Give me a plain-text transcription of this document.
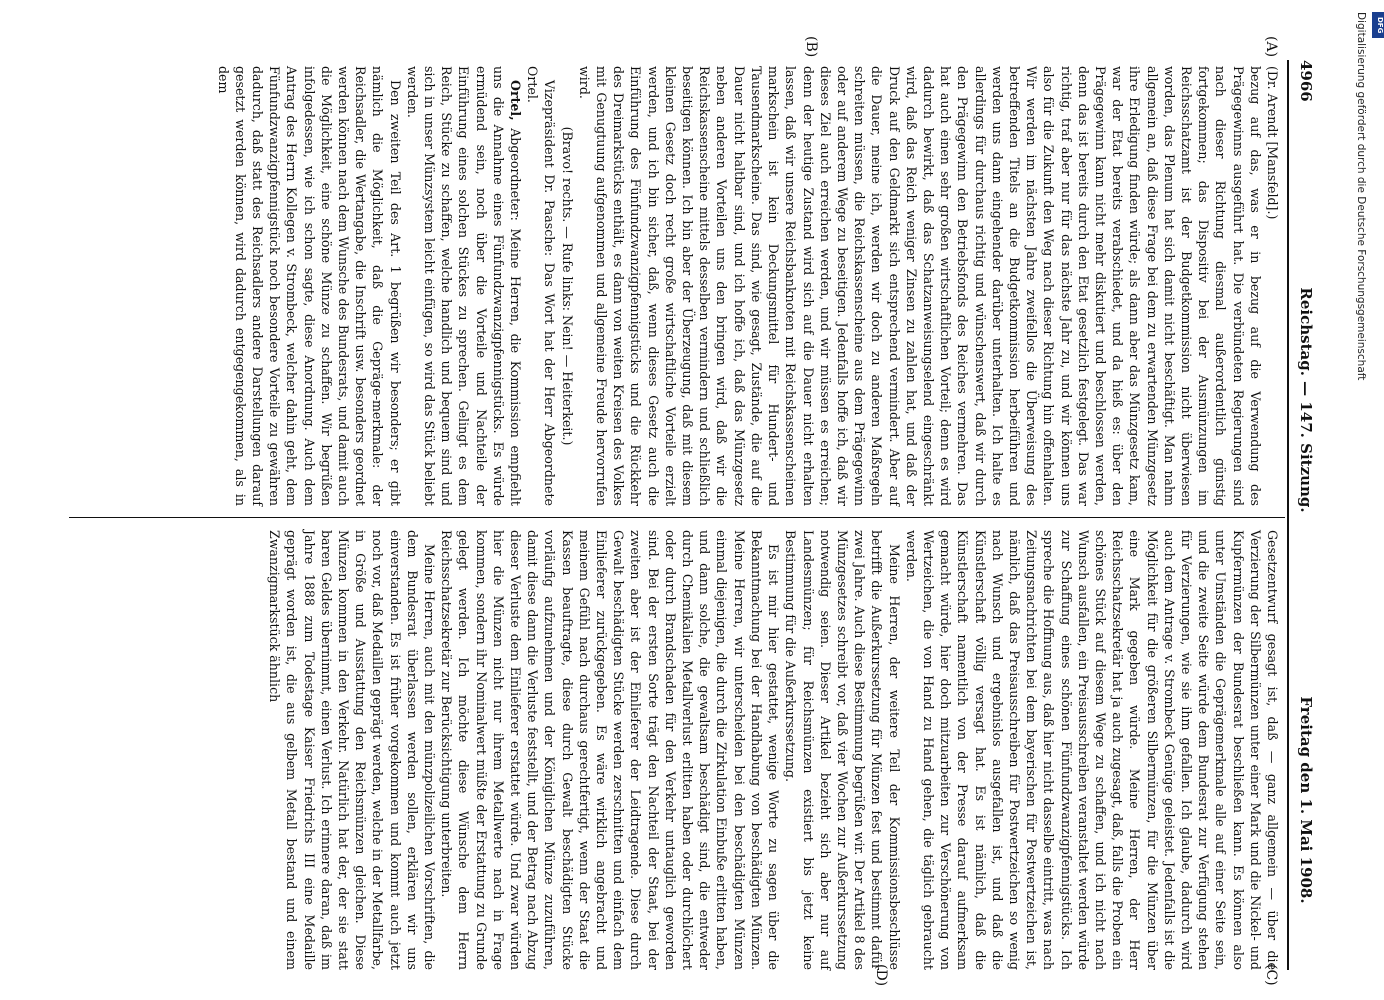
4966
Reichstag. — 147. Sitzung.
Freitag den 1. Mai 1908.
(A)
(B)
(C)
(D)

(Dr. Arendt [Mansfeld].)

bezug auf das, was er in bezug auf die Verwendung des Prägegewinns ausgeführt hat. Die verbündeten Regierungen sind nach dieser Richtung diesmal außerordentlich günstig fortgekommen; das Dispositiv bei der Ausmünzungen im Reichsschatzamt ist der Budgetkommission nicht überwiesen worden, das Plenum hat sich damit nicht beschäftigt. Man nahm allgemein an, daß diese Frage bei dem zu erwartenden Münzgesetz ihre Erledigung finden würde; als dann aber das Münzgesetz kam, war der Etat bereits verabschiedet, und da hieß es: über den Prägegewinn kann nicht mehr diskutiert und beschlossen werden, denn das ist bereits durch den Etat gesetzlich festgelegt. Das war richtig, traf aber nur für das nächste Jahr zu, und wir können uns also für die Zukunft den Weg nach dieser Richtung hin offenhalten. Wir werden im nächsten Jahre zweifellos die Überweisung des betreffenden Titels an die Budgetkommission herbeiführen und werden uns dann eingehender darüber unterhalten. Ich halte es allerdings für durchaus richtig und wünschenswert, daß wir durch den Prägegewinn den Betriebsfonds des Reiches vermehren. Das hat auch einen sehr großen wirtschaftlichen Vorteil; denn es wird dadurch bewirkt, daß das Schatzanweisungselend eingeschränkt wird, daß das Reich weniger Zinsen zu zahlen hat, und daß der Druck auf den Geldmarkt sich entsprechend vermindert. Aber auf die Dauer, meine ich, werden wir doch zu anderen Maßregeln schreiten müssen, die Reichskassenscheine aus dem Prägegewinn oder auf anderem Wege zu beseitigen. Jedenfalls hoffe ich, daß wir dieses Ziel auch erreichen werden, und wir müssen es erreichen; denn der heutige Zustand wird sich auf die Dauer nicht erhalten lassen, daß wir unsere Reichsbanknoten mit Reichskassenscheinen markschein ist kein Deckungsmittel für Hundert- und Tausendmarkscheine. Das sind, wie gesagt, Zustände, die auf die Dauer nicht haltbar sind, und ich hoffe ich, daß das Münzgesetz neben anderen Vorteilen uns den bringen wird, daß wir die Reichskassenscheine mittels desselben vermindern und schließlich beseitigen können. Ich bin aber der Überzeugung, daß mit diesem kleinen Gesetz doch recht große wirtschaftliche Vorteile erzielt werden, und ich bin sicher, daß, wenn dieses Gesetz auch die Einführung des Fünfundzwanzigpfennigstücks und die Rückkehr des Dreimarkstücks enthält, es dann von weiten Kreisen des Volkes mit Genugtuung aufgenommen und allgemeine Freude hervorrufen wird.

(Bravo! rechts. — Rufe links: Nein! — Heiterkeit.)

Vizepräsident Dr. Paasche: Das Wort hat der Herr Abgeordnete Ortel.

Ortel, Abgeordneter: Meine Herren, die Kommission empfiehlt uns die Annahme eines Fünfundzwanzigpfennigstücks. Es würde ermüdend sein, noch über die Vorteile und Nachteile der Einführung eines solchen Stückes zu sprechen. Gelingt es dem Reich, Stücke zu schaffen, welche handlich und bequem sind und sich in unser Münzsystem leicht einfügen, so wird das Stück beliebt werden.

Den zweiten Teil des Art. 1 begrüßen wir besonders; er gibt nämlich die Möglichkeit, daß die Gepräge-merkmale: der Reichsadler, die Wertangabe, die Inschrift usw. besonders geordnet werden können nach dem Wunsche des Bundesrats, und damit auch die Möglichkeit, eine schöne Münze zu schaffen. Wir begrüßen infolgedessen, wie ich schon sagte, diese Anordnung. Auch dem Antrag des Herrn Kollegen v. Strombeck, welcher dahin geht, dem Fünfundzwanzigpfennigstück noch besondere Vorteile zu gewähren dadurch, daß statt des Reichsadlers andere Darstellungen darauf gesetzt werden können, wird dadurch entgegengekommen, als in dem

Gesetzentwurf gesagt ist, daß — ganz allgemein — über die Verzierung der Silbermünzen unter einer Mark und die Nickel- und Kupfermünzen der Bundesrat beschließen kann. Es können also unter Umständen die Geprägemerkmale alle auf einer Seite sein, und die zweite Seite würde dem Bundesrat zur Verfügung stehen für Verzierungen, wie sie ihm gefallen. Ich glaube, dadurch wird auch dem Antrage v. Strombeck Genüge geleistet. Jedenfalls ist die Möglichkeit für die größeren Silbermünzen, für die Münzen über eine Mark gegeben würde. Meine Herren, der Herr Reichsschatzsekretär hat ja auch zugesagt, daß, falls die Proben ein schönes Stück auf diesem Wege zu schaffen, und ich nicht nach Wunsch ausfallen, ein Preisausschreiben veranstaltet werden würde zur Schaffung eines schönen Fünfundzwanzigpfennigstücks. Ich spreche die Hoffnung aus, daß hier nicht dasselbe eintritt, was nach Zeitungsnachrichten bei dem bayerischen für Postwertzeichen ist, nämlich, daß das Preisausschreiben für Postwertzeichen so wenig nach Wunsch und ergebnislos ausgefallen ist, und daß die Künstlerschaft völlig versagt hat. Es ist nämlich, daß die Künstlerschaft namentlich von der Presse darauf aufmerksam gemacht würde, hier doch mitzuarbeiten zur Verschönerung von Wertzeichen, die von Hand zu Hand gehen, die täglich gebraucht werden.

Meine Herren, der weitere Teil der Kommissionsbeschlüsse betrifft die Außerkurssetzung für Münzen fest und bestimmt dafür zwei Jahre. Auch diese Bestimmung begrüßen wir. Der Artikel 8 des Münzgesetzes schreibt vor, daß vier Wochen zur Außerkurssetzung notwendig seien. Dieser Artikel bezieht sich aber nur auf Landesmünzen; für Reichsmünzen existiert bis jetzt keine Bestimmung für die Außerkurssetzung.

Es ist mir hier gestattet, wenige Worte zu sagen über die Bekanntmachung bei der Handhabung von beschädigten Münzen. Meine Herren, wir unterscheiden bei den beschädigten Münzen einmal diejenigen, die durch die Zirkulation Einbuße erlitten haben, und dann solche, die gewaltsam beschädigt sind, die entweder durch Chemikalien Metallverlust erlitten haben oder durchlöchert oder durch Brandschaden für den Verkehr untauglich geworden sind. Bei der ersten Sorte trägt den Nachteil der Staat, bei der zweiten aber ist der Einlieferer der Leidtragende. Diese durch Gewalt beschädigten Stücke werden zerschnitten und einfach dem Einlieferer zurückgegeben. Es wäre wirklich angebracht und meinem Gefühl nach durchaus gerechtfertigt, wenn der Staat die Kassen beauftragte, diese durch Gewalt beschädigten Stücke vorläufig aufzunehmen und der Königlichen Münze zuzuführen, damit diese dann die Verluste feststellt, und der Betrag nach Abzug dieser Verluste dem Einlieferer erstattet würde. Und zwar würden hier die Münzen nicht nur ihrem Metallwerte nach in Frage kommen, sondern ihr Nominalwert müßte der Erstattung zu Grunde gelegt werden. Ich möchte diese Wünsche dem Herrn Reichsschatzsekretär zur Berücksichtigung unterbreiten.

Meine Herren, auch mit den münzpolizeilichen Vorschriften, die dem Bundesrat überlassen werden sollen, erklären wir uns einverstanden. Es ist früher vorgekommen und kommt auch jetzt noch vor, daß Medaillen geprägt werden, welche in der Metallfarbe, in Größe und Ausstattung den Reichsmünzen gleichen. Diese Münzen kommen in den Verkehr. Natürlich hat der, der sie statt baren Geldes übernimmt, einen Verlust. Ich erinnere daran, daß im Jahre 1888 zum Todestage Kaiser Friedrichs III eine Medaille geprägt worden ist, die aus gelbem Metall bestand und einem Zwanzigmarkstück ähnlich

Digitalisierung gefördert durch die Deutsche Forschungsgemeinschaft	DFG
